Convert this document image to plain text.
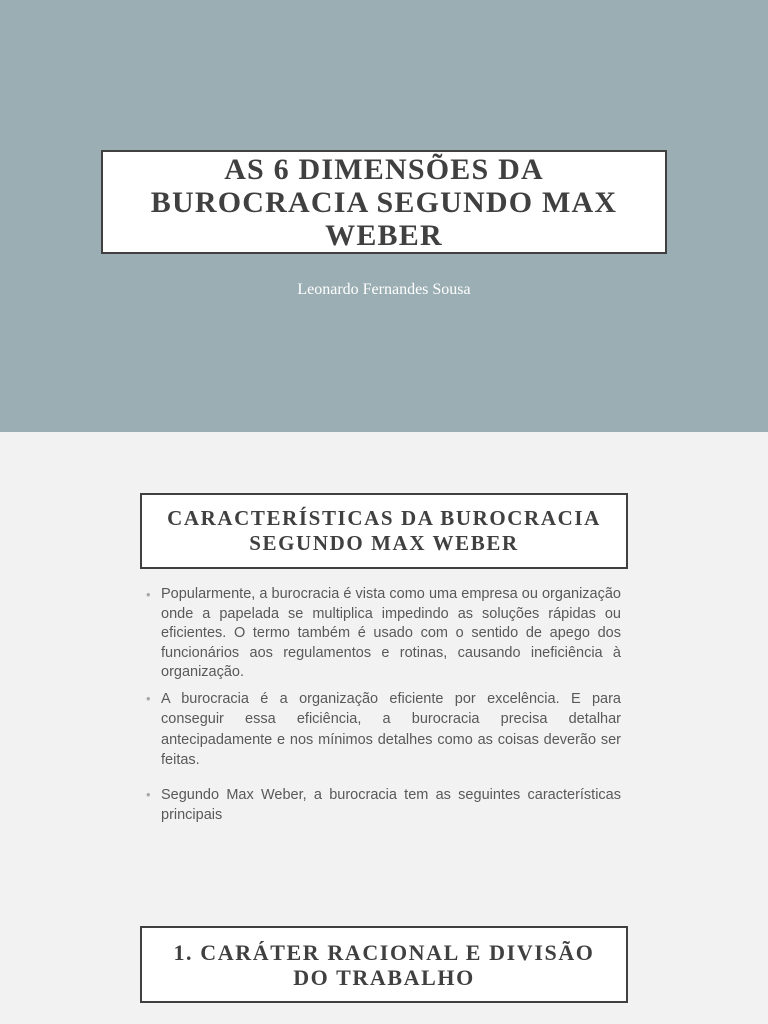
AS 6 DIMENSÕES DA BUROCRACIA SEGUNDO MAX WEBER
Leonardo Fernandes Sousa
CARACTERÍSTICAS DA BUROCRACIA SEGUNDO MAX WEBER
• Popularmente, a burocracia é vista como uma empresa ou organização onde a papelada se multiplica impedindo as soluções rápidas ou eficientes. O termo também é usado com o sentido de apego dos funcionários aos regulamentos e rotinas, causando ineficiência à organização.
• A burocracia é a organização eficiente por excelência. E para conseguir essa eficiência, a burocracia precisa detalhar antecipadamente e nos mínimos detalhes como as coisas deverão ser feitas.
• Segundo Max Weber, a burocracia tem as seguintes características principais
1. CARÁTER RACIONAL E DIVISÃO DO TRABALHO
